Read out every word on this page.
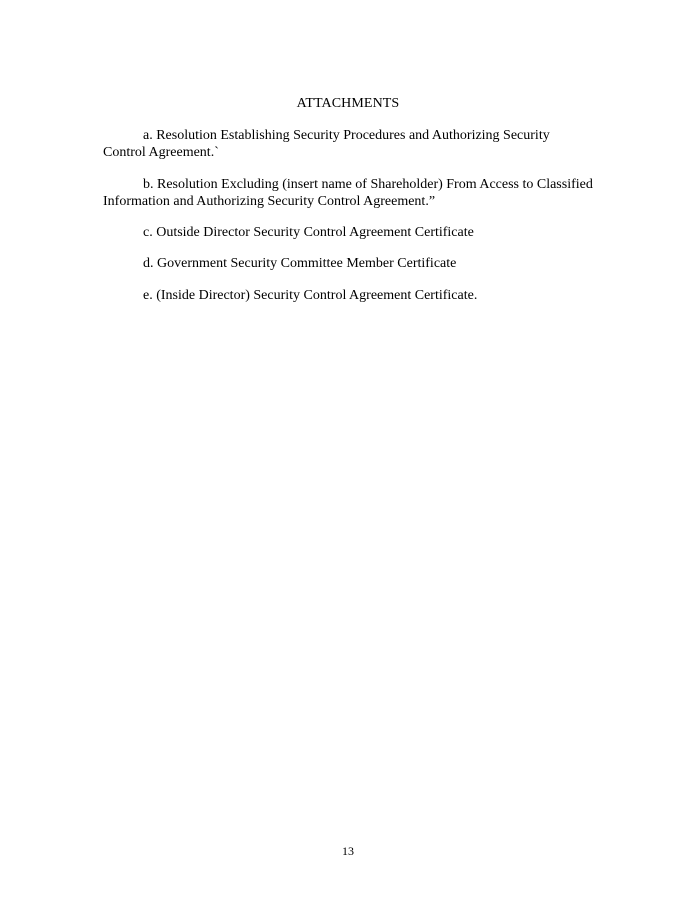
ATTACHMENTS
a. Resolution Establishing Security Procedures and Authorizing Security Control Agreement.`
b. Resolution Excluding (insert name of Shareholder) From Access to Classified Information and Authorizing Security Control Agreement.”
c. Outside Director Security Control Agreement Certificate
d. Government Security Committee Member Certificate
e. (Inside Director) Security Control Agreement Certificate.
13
